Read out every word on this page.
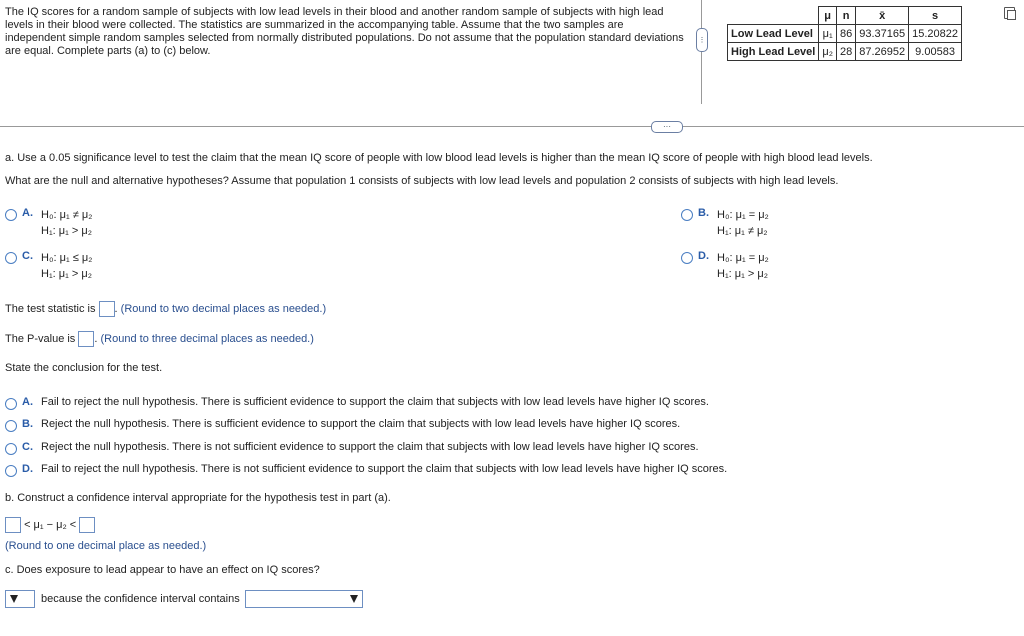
The IQ scores for a random sample of subjects with low lead levels in their blood and another random sample of subjects with high lead levels in their blood were collected. The statistics are summarized in the accompanying table. Assume that the two samples are independent simple random samples selected from normally distributed populations. Do not assume that the population standard deviations are equal. Complete parts (a) to (c) below.
	μ	n	x̄	s
Low Lead Level	μ₁	86	93.37165	15.20822
High Lead Level	μ₂	28	87.26952	9.00583
⋮
···
a. Use a 0.05 significance level to test the claim that the mean IQ score of people with low blood lead levels is higher than the mean IQ score of people with high blood lead levels.
What are the null and alternative hypotheses? Assume that population 1 consists of subjects with low lead levels and population 2 consists of subjects with high lead levels.
A. H₀: μ₁ ≠ μ₂
H₁: μ₁ > μ₂
B. H₀: μ₁ = μ₂
H₁: μ₁ ≠ μ₂
C. H₀: μ₁ ≤ μ₂
H₁: μ₁ > μ₂
D. H₀: μ₁ = μ₂
H₁: μ₁ > μ₂
The test statistic is . (Round to two decimal places as needed.)
The P-value is . (Round to three decimal places as needed.)
State the conclusion for the test.
A. Fail to reject the null hypothesis. There is sufficient evidence to support the claim that subjects with low lead levels have higher IQ scores.
B. Reject the null hypothesis. There is sufficient evidence to support the claim that subjects with low lead levels have higher IQ scores.
C. Reject the null hypothesis. There is not sufficient evidence to support the claim that subjects with low lead levels have higher IQ scores.
D. Fail to reject the null hypothesis. There is not sufficient evidence to support the claim that subjects with low lead levels have higher IQ scores.
b. Construct a confidence interval appropriate for the hypothesis test in part (a).
< μ₁ − μ₂ <
(Round to one decimal place as needed.)
c. Does exposure to lead appear to have an effect on IQ scores?
because the confidence interval contains
